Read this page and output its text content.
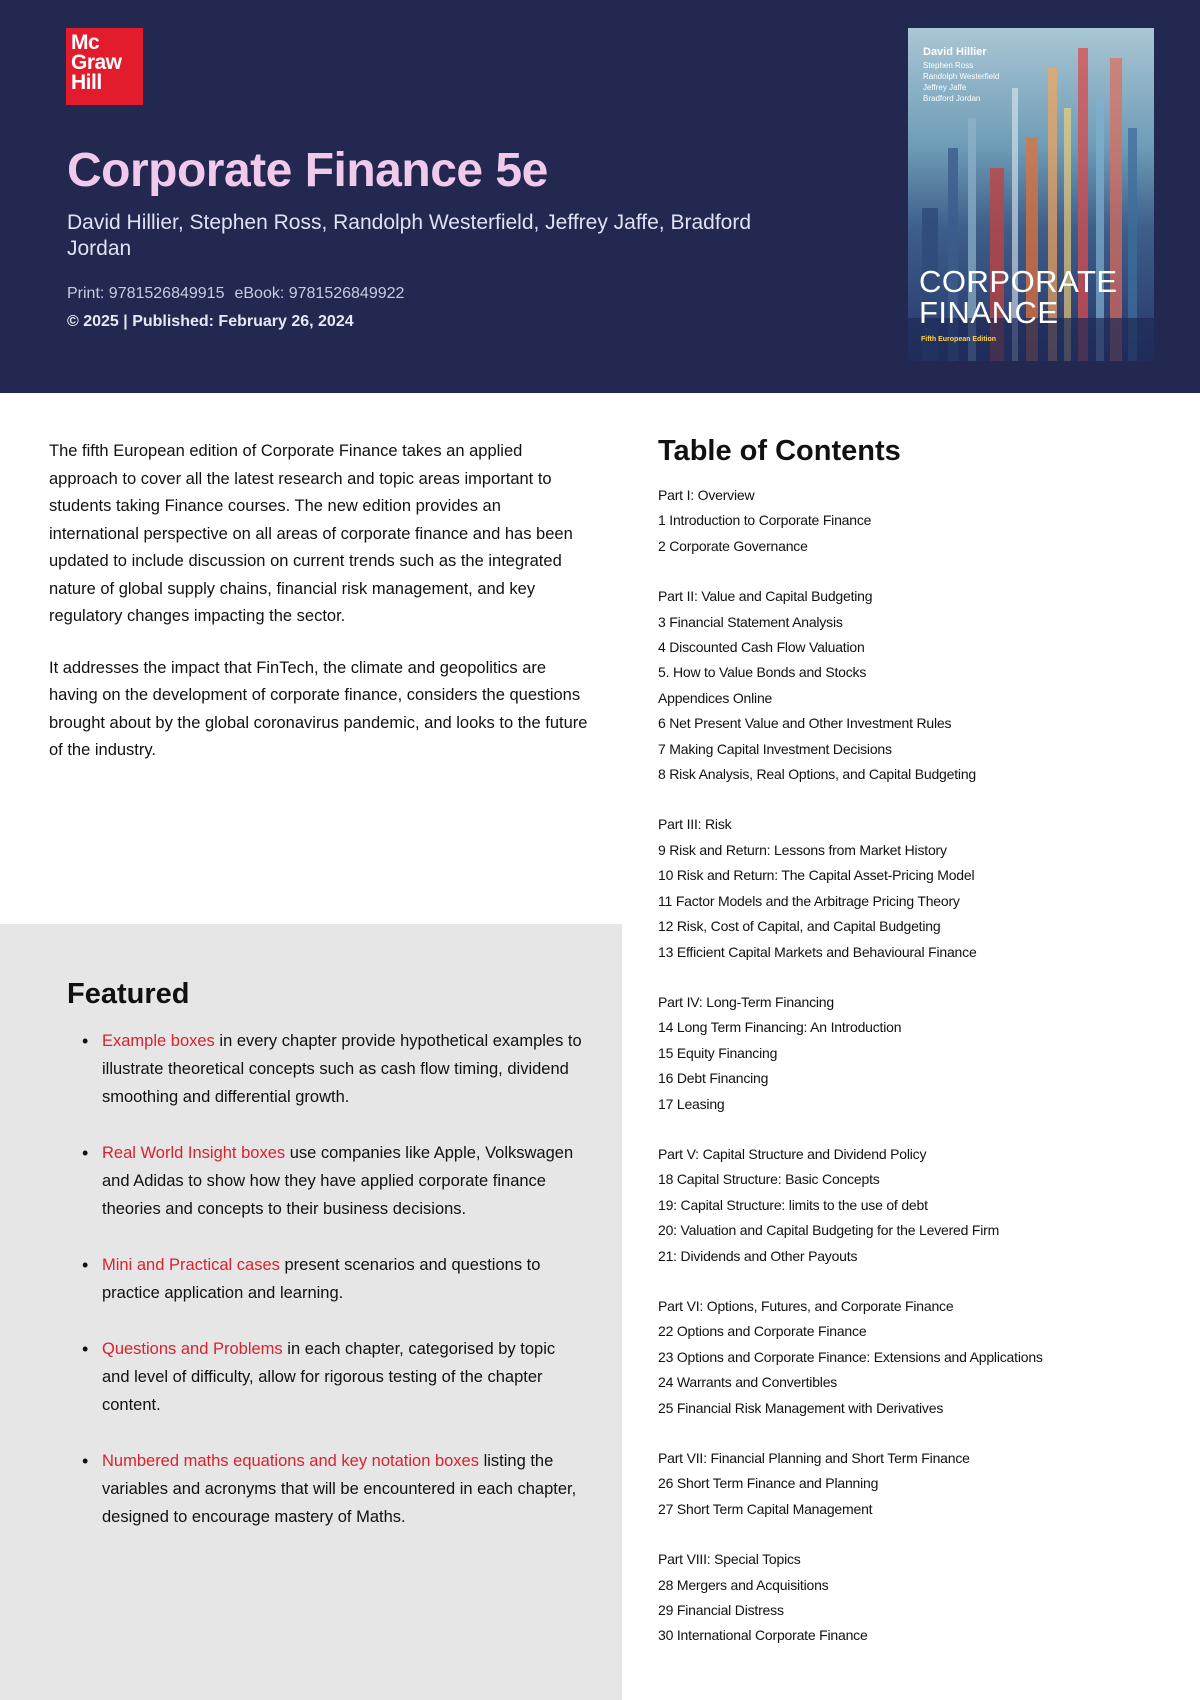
Mc
Graw
Hill
Corporate Finance 5e
David Hillier, Stephen Ross, Randolph Westerfield, Jeffrey Jaffe, Bradford Jordan
Print: 9781526849915 eBook: 9781526849922
© 2025 | Published: February 26, 2024
David Hillier
Stephen Ross
Randolph Westerfield
Jeffrey Jaffe
Bradford Jordan
CORPORATE
FINANCE
Fifth European Edition

The fifth European edition of Corporate Finance takes an applied approach to cover all the latest research and topic areas important to students taking Finance courses. The new edition provides an international perspective on all areas of corporate finance and has been updated to include discussion on current trends such as the integrated nature of global supply chains, financial risk management, and key regulatory changes impacting the sector.

It addresses the impact that FinTech, the climate and geopolitics are having on the development of corporate finance, considers the questions brought about by the global coronavirus pandemic, and looks to the future of the industry.

Featured
• Example boxes in every chapter provide hypothetical examples to illustrate theoretical concepts such as cash flow timing, dividend smoothing and differential growth.
• Real World Insight boxes use companies like Apple, Volkswagen and Adidas to show how they have applied corporate finance theories and concepts to their business decisions.
• Mini and Practical cases present scenarios and questions to practice application and learning.
• Questions and Problems in each chapter, categorised by topic and level of difficulty, allow for rigorous testing of the chapter content.
• Numbered maths equations and key notation boxes listing the variables and acronyms that will be encountered in each chapter, designed to encourage mastery of Maths.
Table of Contents
Part I: Overview
1 Introduction to Corporate Finance
2 Corporate Governance
Part II: Value and Capital Budgeting
3 Financial Statement Analysis
4 Discounted Cash Flow Valuation
5. How to Value Bonds and Stocks
Appendices Online
6 Net Present Value and Other Investment Rules
7 Making Capital Investment Decisions
8 Risk Analysis, Real Options, and Capital Budgeting
Part III: Risk
9 Risk and Return: Lessons from Market History
10 Risk and Return: The Capital Asset-Pricing Model
11 Factor Models and the Arbitrage Pricing Theory
12 Risk, Cost of Capital, and Capital Budgeting
13 Efficient Capital Markets and Behavioural Finance
Part IV: Long-Term Financing
14 Long Term Financing: An Introduction
15 Equity Financing
16 Debt Financing
17 Leasing
Part V: Capital Structure and Dividend Policy
18 Capital Structure: Basic Concepts
19: Capital Structure: limits to the use of debt
20: Valuation and Capital Budgeting for the Levered Firm
21: Dividends and Other Payouts
Part VI: Options, Futures, and Corporate Finance
22 Options and Corporate Finance
23 Options and Corporate Finance: Extensions and Applications
24 Warrants and Convertibles
25 Financial Risk Management with Derivatives
Part VII: Financial Planning and Short Term Finance
26 Short Term Finance and Planning
27 Short Term Capital Management
Part VIII: Special Topics
28 Mergers and Acquisitions
29 Financial Distress
30 International Corporate Finance
